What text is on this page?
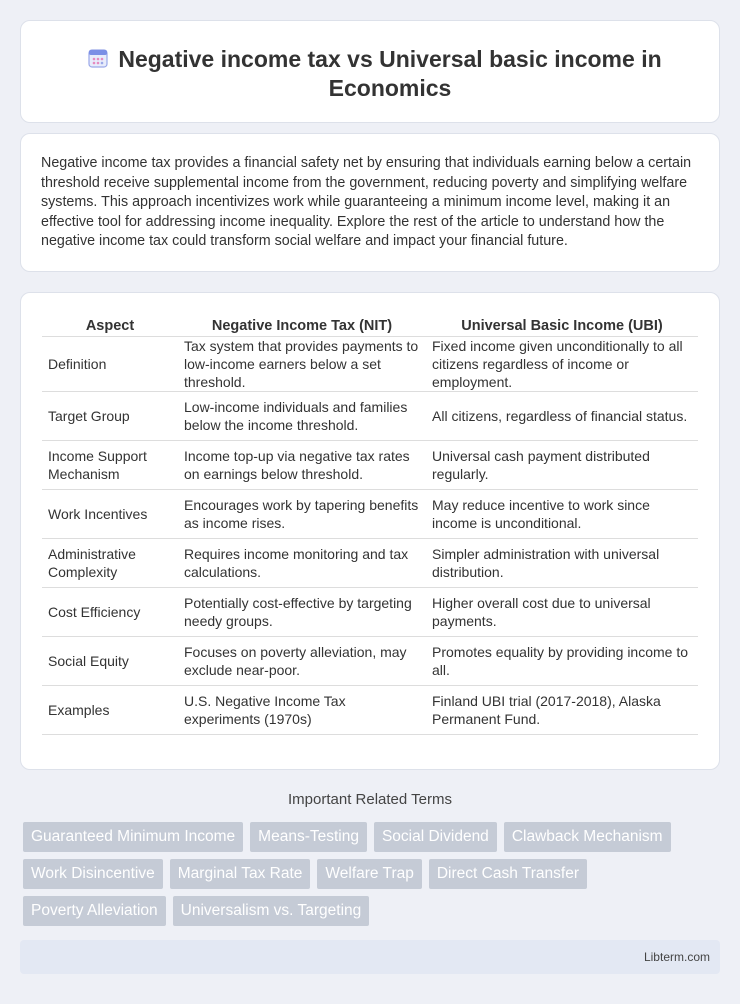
Negative income tax vs Universal basic income in Economics

Negative income tax provides a financial safety net by ensuring that individuals earning below a certain threshold receive supplemental income from the government, reducing poverty and simplifying welfare systems. This approach incentivizes work while guaranteeing a minimum income level, making it an effective tool for addressing income inequality. Explore the rest of the article to understand how the negative income tax could transform social welfare and impact your financial future.

Aspect	Negative Income Tax (NIT)	Universal Basic Income (UBI)
Definition	Tax system that provides payments to low-income earners below a set threshold.	Fixed income given unconditionally to all citizens regardless of income or employment.
Target Group	Low-income individuals and families below the income threshold.	All citizens, regardless of financial status.
Income Support Mechanism	Income top-up via negative tax rates on earnings below threshold.	Universal cash payment distributed regularly.
Work Incentives	Encourages work by tapering benefits as income rises.	May reduce incentive to work since income is unconditional.
Administrative Complexity	Requires income monitoring and tax calculations.	Simpler administration with universal distribution.
Cost Efficiency	Potentially cost-effective by targeting needy groups.	Higher overall cost due to universal payments.
Social Equity	Focuses on poverty alleviation, may exclude near-poor.	Promotes equality by providing income to all.
Examples	U.S. Negative Income Tax experiments (1970s)	Finland UBI trial (2017-2018), Alaska Permanent Fund.
Important Related Terms
Guaranteed Minimum Income	Means-Testing	Social Dividend	Clawback Mechanism
Work Disincentive	Marginal Tax Rate	Welfare Trap	Direct Cash Transfer
Poverty Alleviation	Universalism vs. Targeting
Libterm.com
